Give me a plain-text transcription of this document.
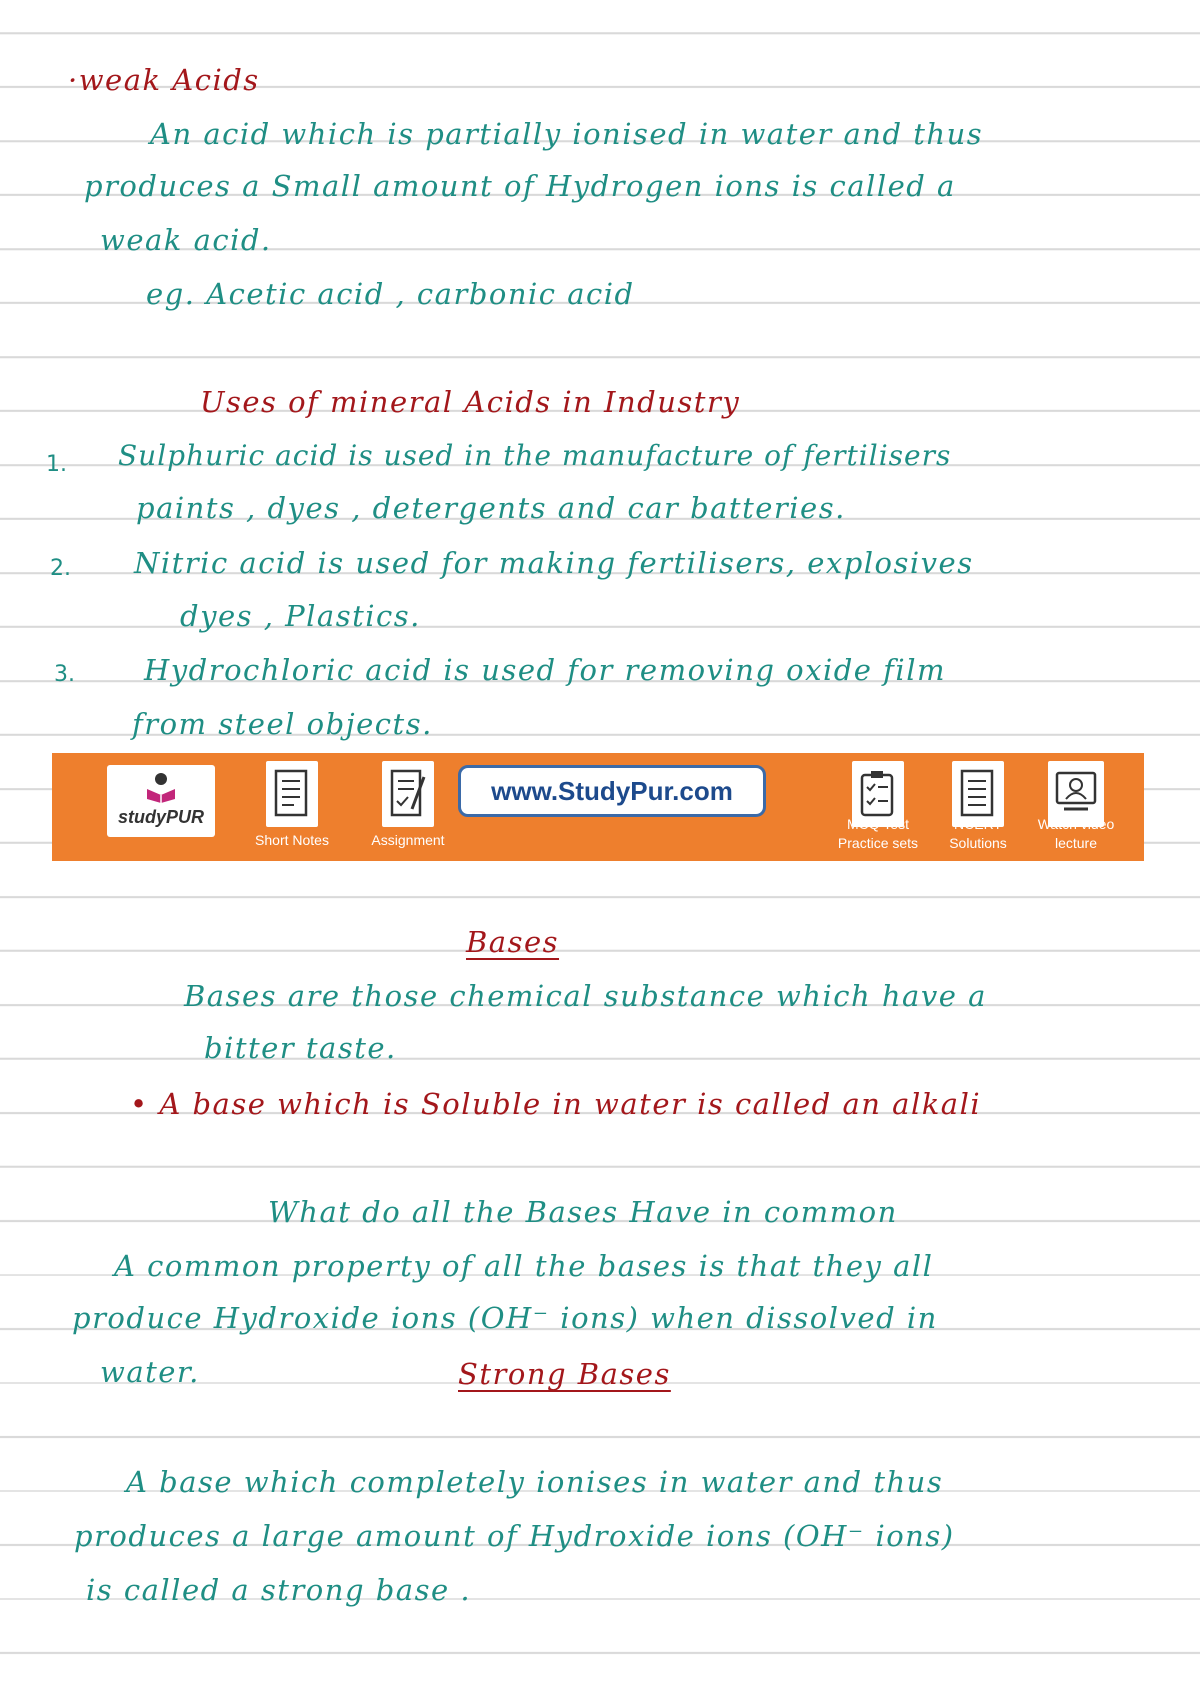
·weak Acids
An acid which is partially ionised in water and thus
produces a Small amount of Hydrogen ions is called a
weak acid.
eg. Acetic acid , carbonic acid
Uses of mineral Acids in Industry
1. Sulphuric acid is used in the manufacture of fertilisers
paints , dyes , detergents and car batteries.
2. Nitric acid is used for making fertilisers, explosives
dyes , Plastics.
3. Hydrochloric acid is used for removing oxide film
from steel objects.
studyPUR
Short Notes	Assignment
www.StudyPur.com
MCQ Test
Practice sets
NCERT
Solutions
Watch video
lecture
Bases
Bases are those chemical substance which have a
bitter taste.
• A base which is Soluble in water is called an alkali
What do all the Bases Have in common
A common property of all the bases is that they all
produce Hydroxide ions (OH⁻ ions) when dissolved in
water.	Strong Bases
A base which completely ionises in water and thus
produces a large amount of Hydroxide ions (OH⁻ ions)
is called a strong base .
